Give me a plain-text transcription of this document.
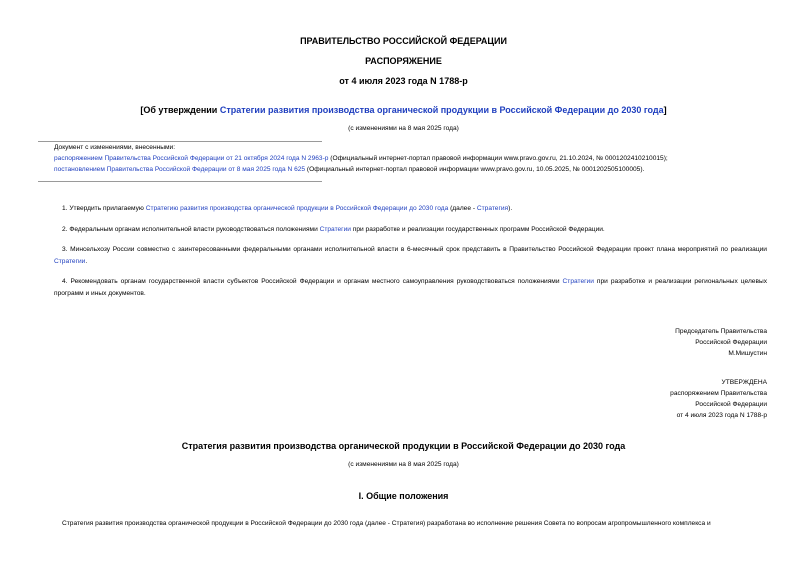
ПРАВИТЕЛЬСТВО РОССИЙСКОЙ ФЕДЕРАЦИИ
РАСПОРЯЖЕНИЕ
от 4 июля 2023 года N 1788-р
[Об утверждении Стратегии развития производства органической продукции в Российской Федерации до 2030 года]
(с изменениями на 8 мая 2025 года)
Документ с изменениями, внесенными:
распоряжением Правительства Российской Федерации от 21 октября 2024 года N 2963-р (Официальный интернет-портал правовой информации www.pravo.gov.ru, 21.10.2024, № 0001202410210015);
постановлением Правительства Российской Федерации от 8 мая 2025 года N 625 (Официальный интернет-портал правовой информации www.pravo.gov.ru, 10.05.2025, № 0001202505100005).
1. Утвердить прилагаемую Стратегию развития производства органической продукции в Российской Федерации до 2030 года (далее - Стратегия).
2. Федеральным органам исполнительной власти руководствоваться положениями Стратегии при разработке и реализации государственных программ Российской Федерации.
3. Минсельхозу России совместно с заинтересованными федеральными органами исполнительной власти в 6-месячный срок представить в Правительство Российской Федерации проект плана мероприятий по реализации Стратегии.
4. Рекомендовать органам государственной власти субъектов Российской Федерации и органам местного самоуправления руководствоваться положениями Стратегии при разработке и реализации региональных целевых программ и иных документов.
Председатель Правительства
Российской Федерации
М.Мишустин
УТВЕРЖДЕНА
распоряжением Правительства
Российской Федерации
от 4 июля 2023 года N 1788-р
Стратегия развития производства органической продукции в Российской Федерации до 2030 года
(с изменениями на 8 мая 2025 года)
I. Общие положения
Стратегия развития производства органической продукции в Российской Федерации до 2030 года (далее - Стратегия) разработана во исполнение решения Совета по вопросам агропромышленного комплекса и
